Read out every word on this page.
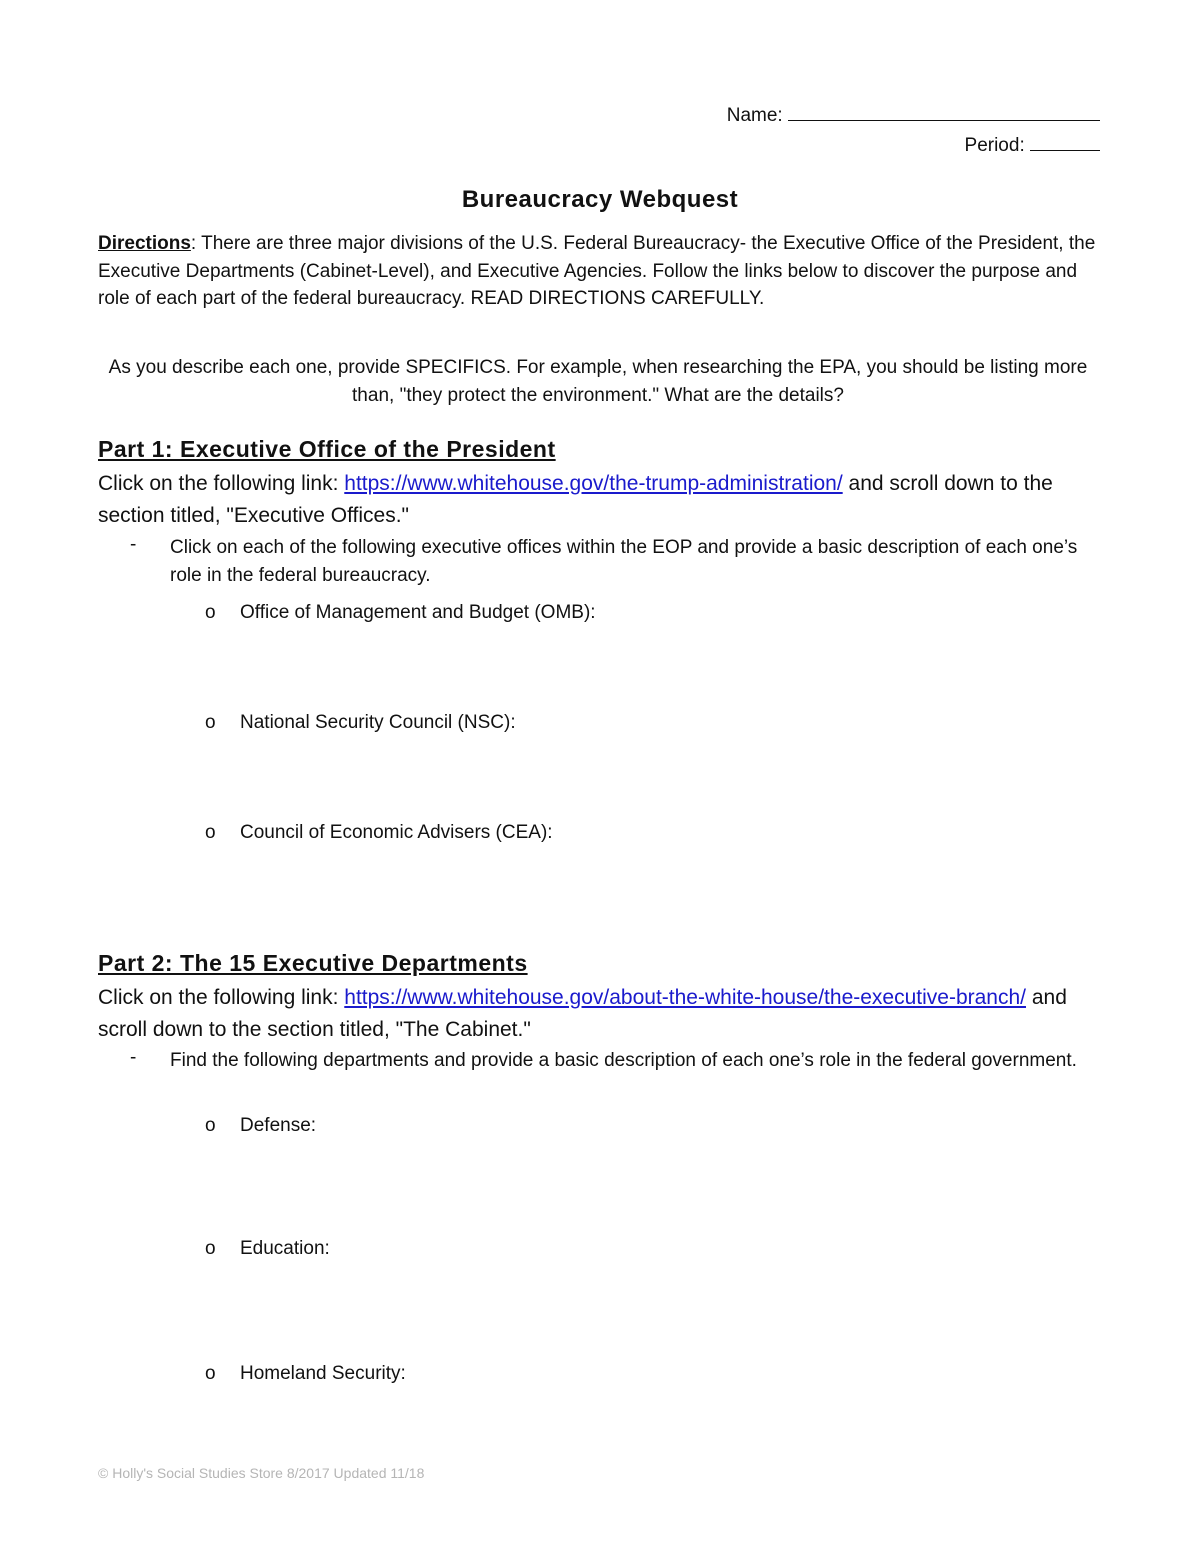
Name:
Period:
Bureaucracy Webquest
Directions: There are three major divisions of the U.S. Federal Bureaucracy- the Executive Office of the President, the Executive Departments (Cabinet-Level), and Executive Agencies. Follow the links below to discover the purpose and role of each part of the federal bureaucracy. READ DIRECTIONS CAREFULLY.
As you describe each one, provide SPECIFICS. For example, when researching the EPA, you should be listing more than, "they protect the environment." What are the details?
Part 1: Executive Office of the President
Click on the following link: https://www.whitehouse.gov/the-trump-administration/ and scroll down to the section titled, "Executive Offices."
- Click on each of the following executive offices within the EOP and provide a basic description of each one’s role in the federal bureaucracy.
o Office of Management and Budget (OMB):
o National Security Council (NSC):
o Council of Economic Advisers (CEA):
Part 2: The 15 Executive Departments
Click on the following link: https://www.whitehouse.gov/about-the-white-house/the-executive-branch/ and scroll down to the section titled, "The Cabinet."
- Find the following departments and provide a basic description of each one’s role in the federal government.
o Defense:
o Education:
o Homeland Security:
© Holly's Social Studies Store 8/2017 Updated 11/18
